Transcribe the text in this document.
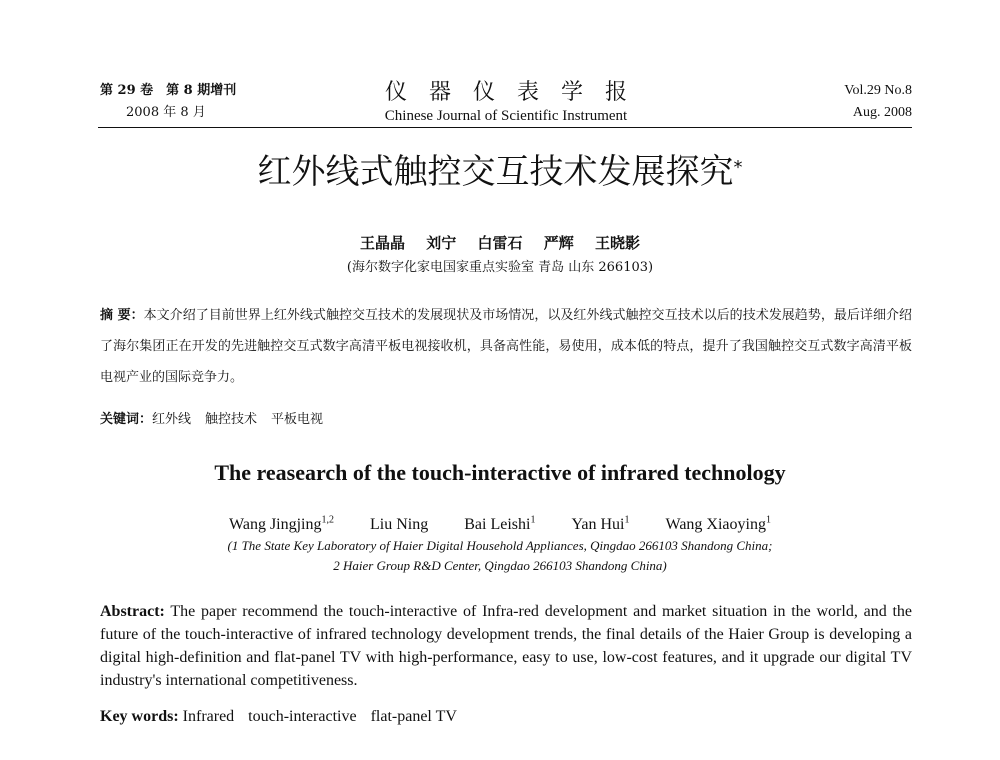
第 29 卷　第 8 期增刊
2008 年 8 月
仪器仪表学报
Chinese Journal of Scientific Instrument
Vol.29 No.8
Aug. 2008
红外线式触控交互技术发展探究*
王晶晶 刘宁 白雷石 严辉 王晓影
(海尔数字化家电国家重点实验室 青岛 山东 266103)
摘 要：本文介绍了目前世界上红外线式触控交互技术的发展现状及市场情况，以及红外线式触控交互技术以后的技术发展趋势，最后详细介绍了海尔集团正在开发的先进触控交互式数字高清平板电视接收机，具备高性能，易使用，成本低的特点，提升了我国触控交互式数字高清平板电视产业的国际竞争力。
关键词：红外线 触控技术 平板电视
The reasearch of the touch-interactive of infrared technology
Wang Jingjing$^{1,2}$ Liu Ning Bai Leishi$^1$ Yan Hui$^1$ Wang Xiaoying$^1$
(1 The State Key Laboratory of Haier Digital Household Appliances, Qingdao 266103 Shandong China;
2 Haier Group R&D Center, Qingdao 266103 Shandong China)
Abstract: The paper recommend the touch-interactive of Infra-red development and market situation in the world, and the future of the touch-interactive of infrared technology development trends, the final details of the Haier Group is developing a digital high-definition and flat-panel TV with high-performance, easy to use, low-cost features, and it upgrade our digital TV industry's international competitiveness.
Key words: Infrared touch-interactive flat-panel TV
